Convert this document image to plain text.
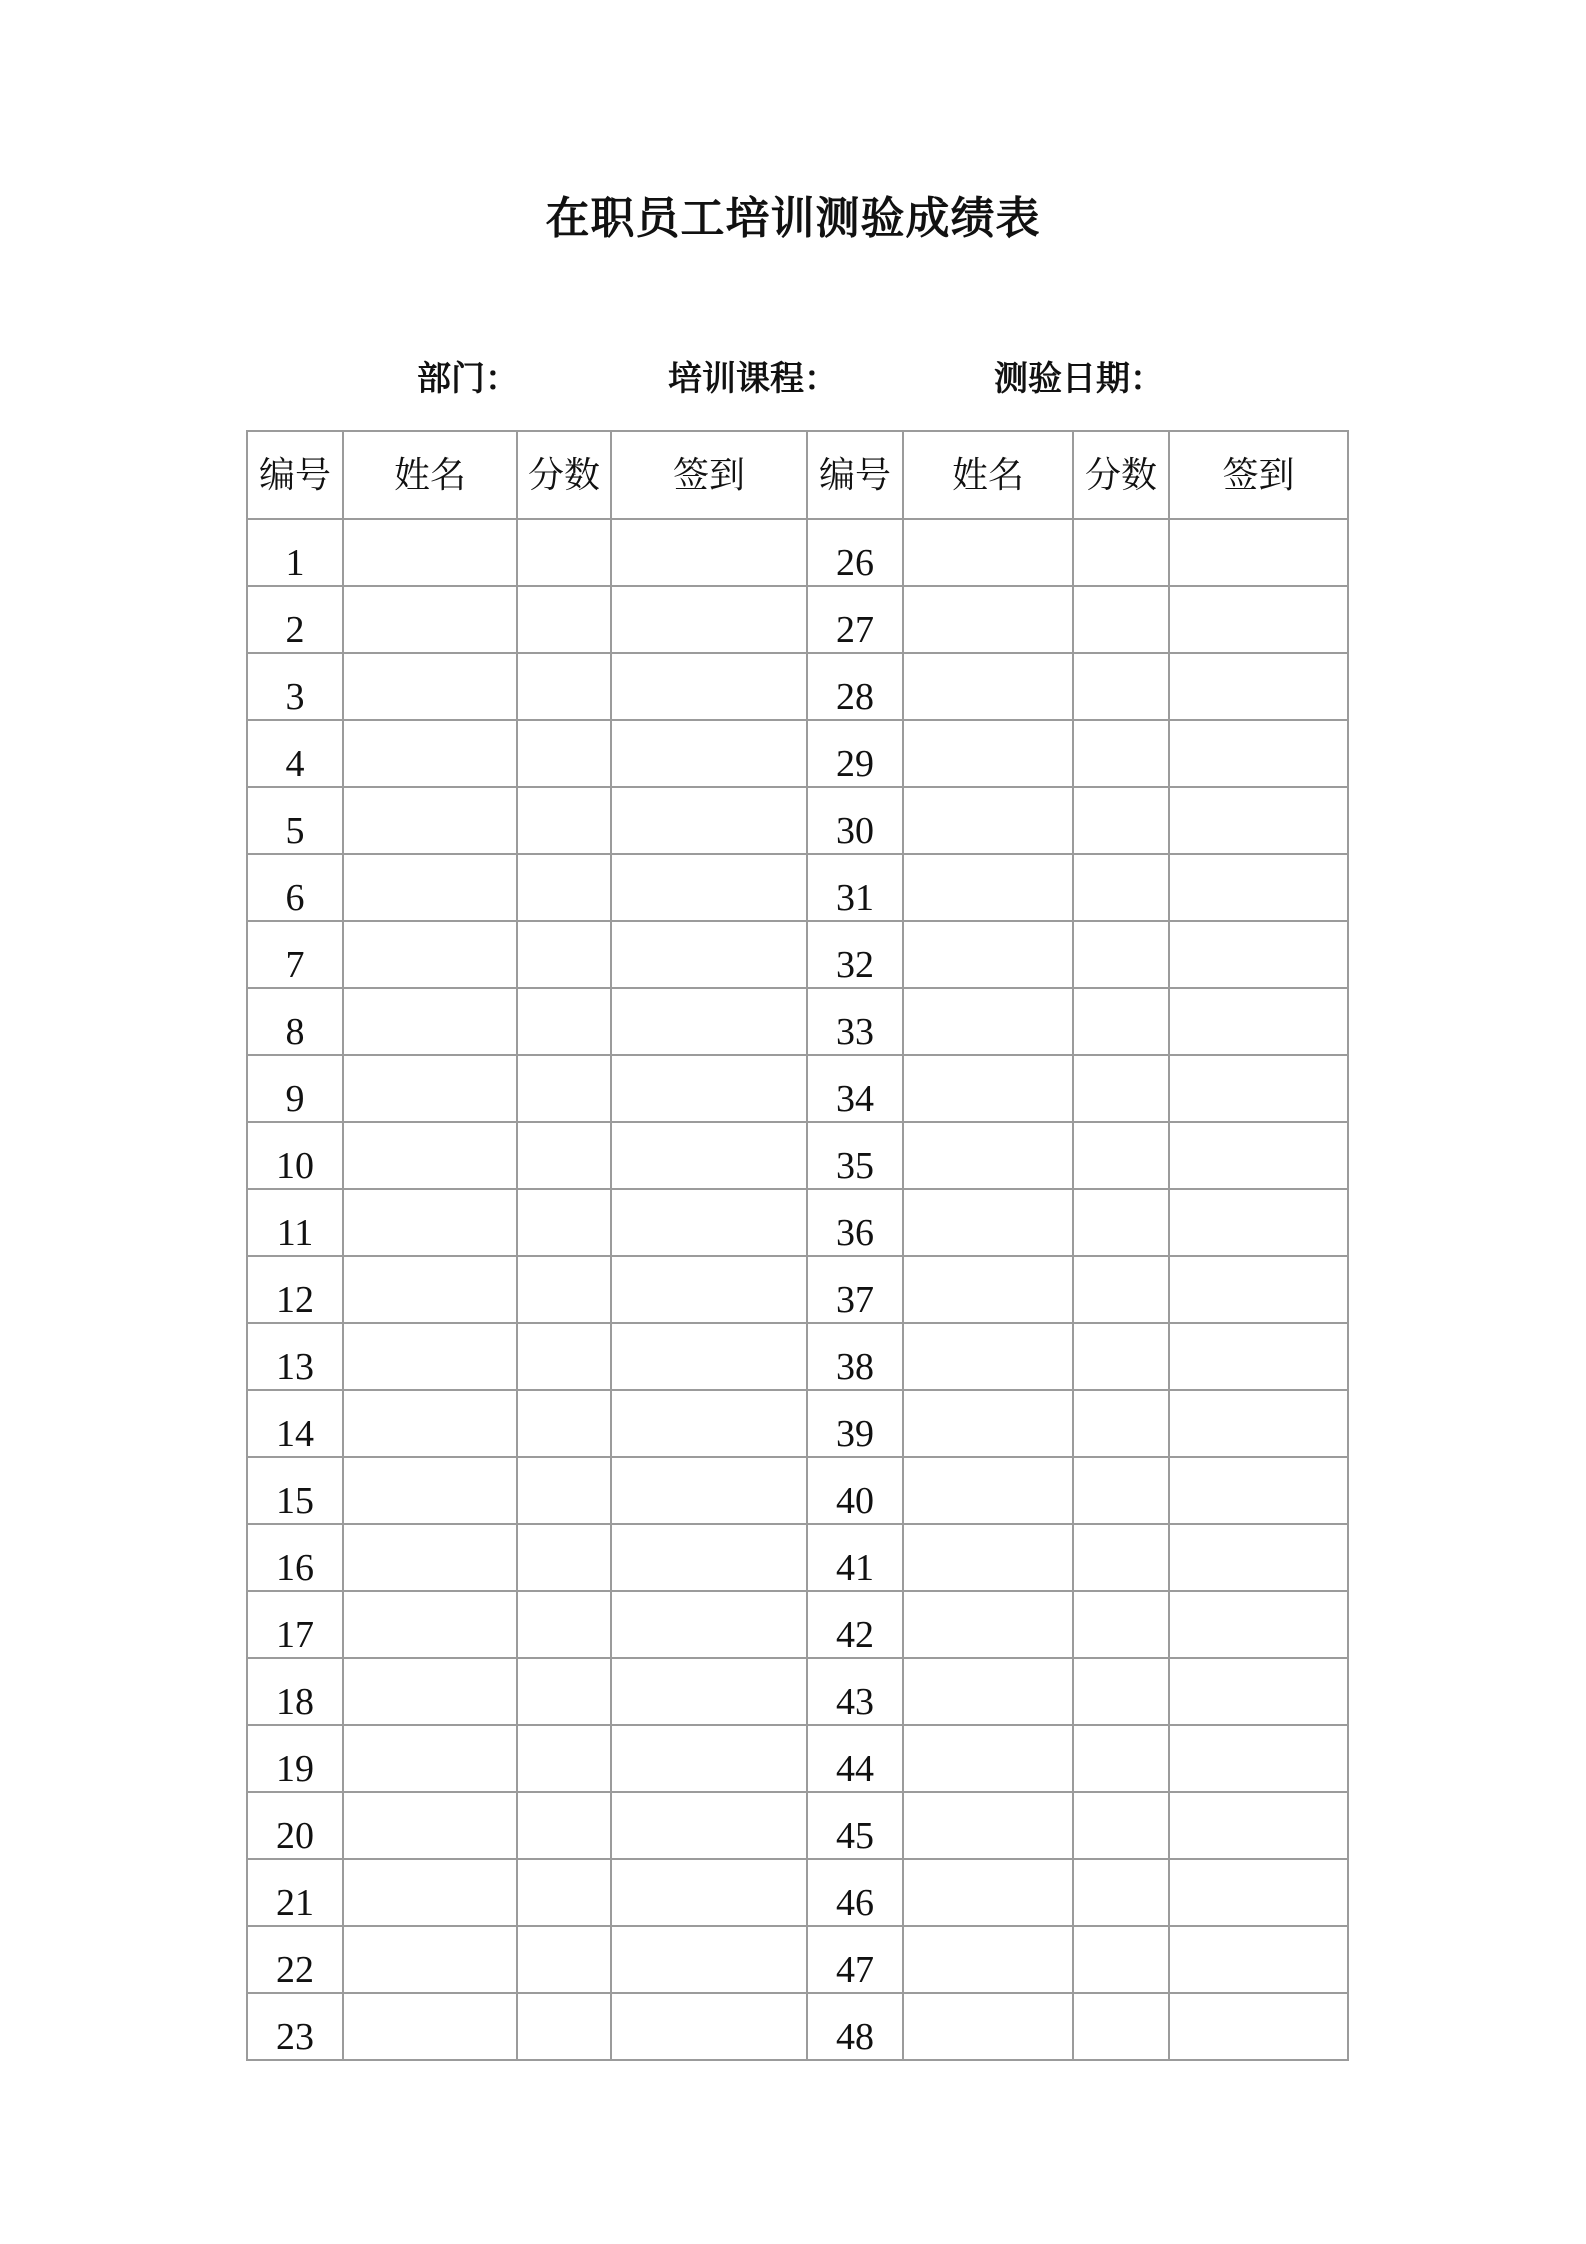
在职员工培训测验成绩表
部门：	培训课程：	测验日期：
编号	姓名	分数	签到	编号	姓名	分数	签到
1				26			
2				27			
3				28			
4				29			
5				30			
6				31			
7				32			
8				33			
9				34			
10				35			
11				36			
12				37			
13				38			
14				39			
15				40			
16				41			
17				42			
18				43			
19				44			
20				45			
21				46			
22				47			
23				48			
